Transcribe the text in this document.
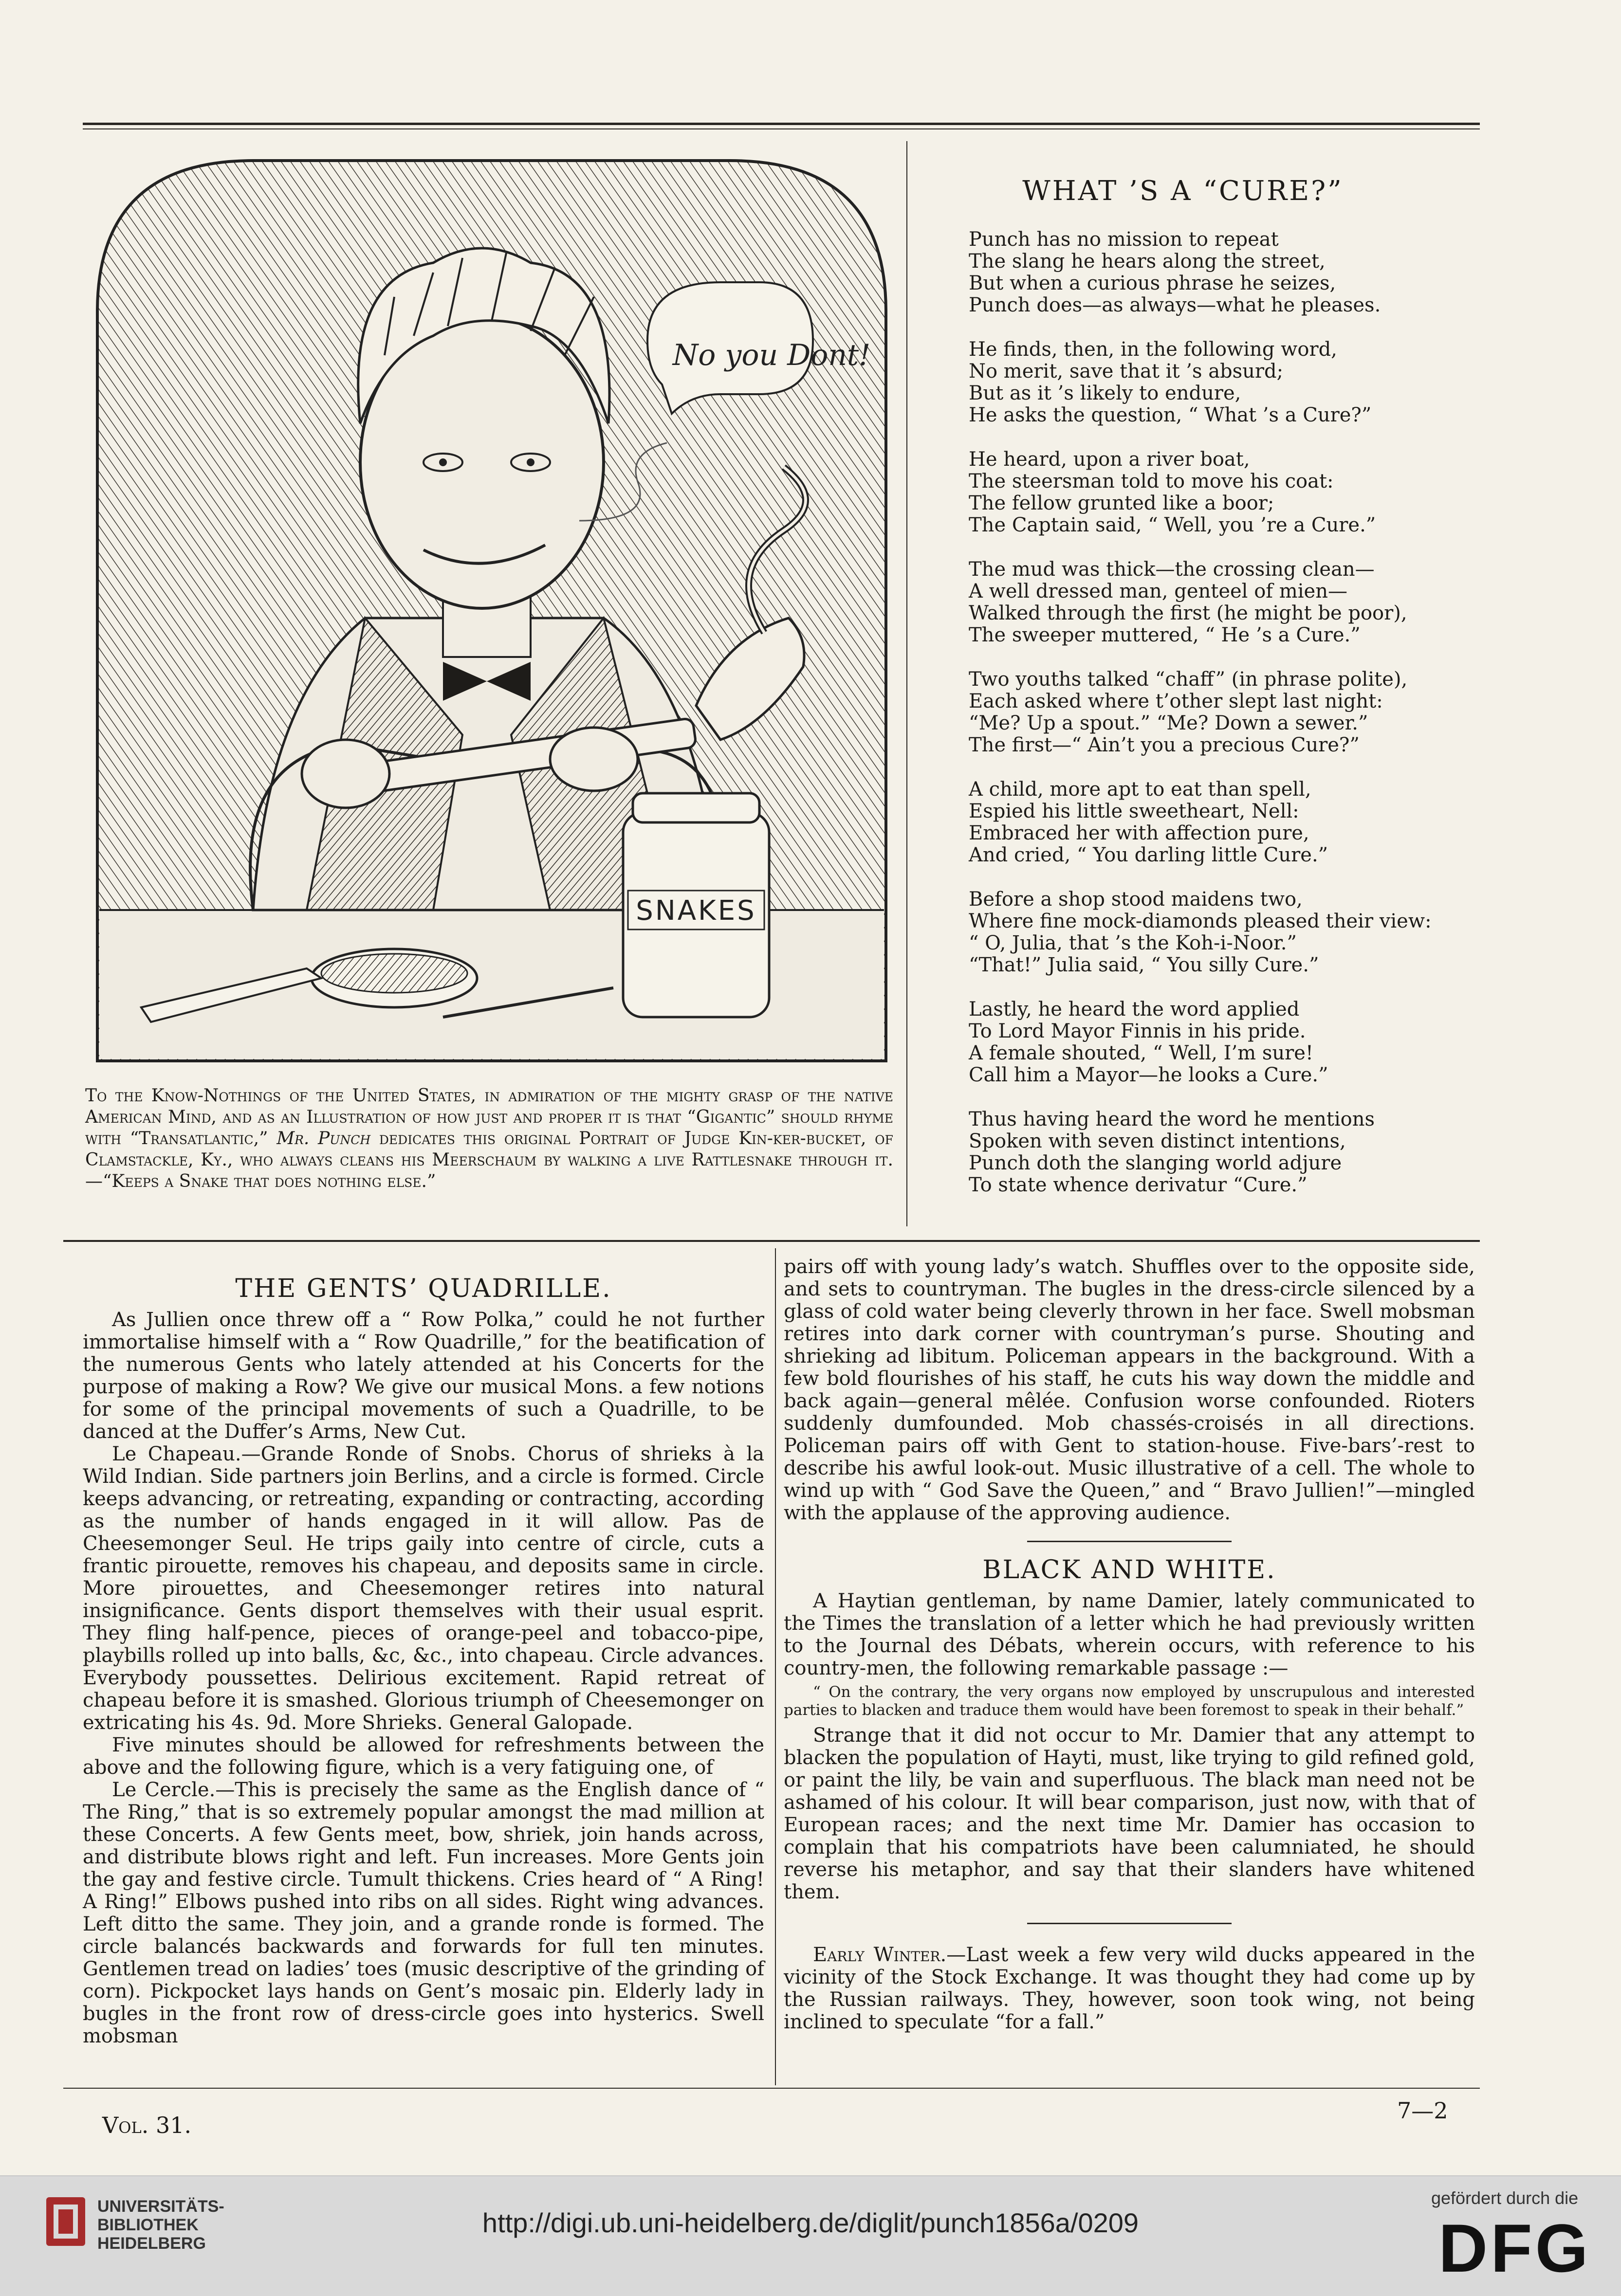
No you Dont!
SNAKES
To the Know-Nothings of the United States, in admiration of the mighty grasp of the native American Mind, and as an Illustration of how just and proper it is that “Gigantic” should rhyme with “Transatlantic,” Mr. Punch dedicates this original Portrait of Judge Kin-ker-bucket, of Clamstackle, Ky., who always cleans his Meerschaum by walking a live Rattlesnake through it.—“Keeps a Snake that does nothing else.”
WHAT ’S A “CURE?”
Punch has no mission to repeat
The slang he hears along the street,
But when a curious phrase he seizes,
Punch does—as always—what he pleases.
He finds, then, in the following word,
No merit, save that it ’s absurd;
But as it ’s likely to endure,
He asks the question, “ What ’s a Cure?”
He heard, upon a river boat,
The steersman told to move his coat:
The fellow grunted like a boor;
The Captain said, “ Well, you ’re a Cure.”
The mud was thick—the crossing clean—
A well dressed man, genteel of mien—
Walked through the first (he might be poor),
The sweeper muttered, “ He ’s a Cure.”
Two youths talked “chaff” (in phrase polite),
Each asked where t’other slept last night:
“Me? Up a spout.” “Me? Down a sewer.”
The first—“ Ain’t you a precious Cure?”
A child, more apt to eat than spell,
Espied his little sweetheart, Nell:
Embraced her with affection pure,
And cried, “ You darling little Cure.”
Before a shop stood maidens two,
Where fine mock-diamonds pleased their view:
“ O, Julia, that ’s the Koh-i-Noor.”
“That!” Julia said, “ You silly Cure.”
Lastly, he heard the word applied
To Lord Mayor Finnis in his pride.
A female shouted, “ Well, I’m sure!
Call him a Mayor—he looks a Cure.”
Thus having heard the word he mentions
Spoken with seven distinct intentions,
Punch doth the slanging world adjure
To state whence derivatur “Cure.”
THE GENTS’ QUADRILLE.

As Jullien once threw off a “ Row Polka,” could he not further immortalise himself with a “ Row Quadrille,” for the beatification of the numerous Gents who lately attended at his Concerts for the purpose of making a Row? We give our musical Mons. a few notions for some of the principal movements of such a Quadrille, to be danced at the Duffer’s Arms, New Cut.

Le Chapeau.—Grande Ronde of Snobs. Chorus of shrieks à la Wild Indian. Side partners join Berlins, and a circle is formed. Circle keeps advancing, or retreating, expanding or contracting, according as the number of hands engaged in it will allow. Pas de Cheesemonger Seul. He trips gaily into centre of circle, cuts a frantic pirouette, removes his chapeau, and deposits same in circle. More pirouettes, and Cheesemonger retires into natural insignificance. Gents disport themselves with their usual esprit. They fling half-pence, pieces of orange-peel and tobacco-pipe, playbills rolled up into balls, &c, &c., into chapeau. Circle advances. Everybody poussettes. Delirious excitement. Rapid retreat of chapeau before it is smashed. Glorious triumph of Cheesemonger on extricating his 4s. 9d. More Shrieks. General Galopade.

Five minutes should be allowed for refreshments between the above and the following figure, which is a very fatiguing one, of

Le Cercle.—This is precisely the same as the English dance of “ The Ring,” that is so extremely popular amongst the mad million at these Concerts. A few Gents meet, bow, shriek, join hands across, and distribute blows right and left. Fun increases. More Gents join the gay and festive circle. Tumult thickens. Cries heard of “ A Ring! A Ring!” Elbows pushed into ribs on all sides. Right wing advances. Left ditto the same. They join, and a grande ronde is formed. The circle balancés backwards and forwards for full ten minutes. Gentlemen tread on ladies’ toes (music descriptive of the grinding of corn). Pickpocket lays hands on Gent’s mosaic pin. Elderly lady in bugles in the front row of dress-circle goes into hysterics. Swell mobsman

pairs off with young lady’s watch. Shuffles over to the opposite side, and sets to countryman. The bugles in the dress-circle silenced by a glass of cold water being cleverly thrown in her face. Swell mobsman retires into dark corner with countryman’s purse. Shouting and shrieking ad libitum. Policeman appears in the background. With a few bold flourishes of his staff, he cuts his way down the middle and back again—general mêlée. Confusion worse confounded. Rioters suddenly dumfounded. Mob chassés-croisés in all directions. Policeman pairs off with Gent to station-house. Five-bars’-rest to describe his awful look-out. Music illustrative of a cell. The whole to wind up with “ God Save the Queen,” and “ Bravo Jullien!”—mingled with the applause of the approving audience.

BLACK AND WHITE.

A Haytian gentleman, by name Damier, lately communicated to the Times the translation of a letter which he had previously written to the Journal des Débats, wherein occurs, with reference to his country-men, the following remarkable passage :—

“ On the contrary, the very organs now employed by unscrupulous and interested parties to blacken and traduce them would have been foremost to speak in their behalf.”

Strange that it did not occur to Mr. Damier that any attempt to blacken the population of Hayti, must, like trying to gild refined gold, or paint the lily, be vain and superfluous. The black man need not be ashamed of his colour. It will bear comparison, just now, with that of European races; and the next time Mr. Damier has occasion to complain that his compatriots have been calumniated, he should reverse his metaphor, and say that their slanders have whitened them.

Early Winter.—Last week a few very wild ducks appeared in the vicinity of the Stock Exchange. It was thought they had come up by the Russian railways. They, however, soon took wing, not being inclined to speculate “for a fall.”

Vol. 31.
7—2
UNIVERSITÄTS-
BIBLIOTHEK
HEIDELBERG
http://digi.ub.uni-heidelberg.de/diglit/punch1856a/0209
gefördert durch die
DFG
